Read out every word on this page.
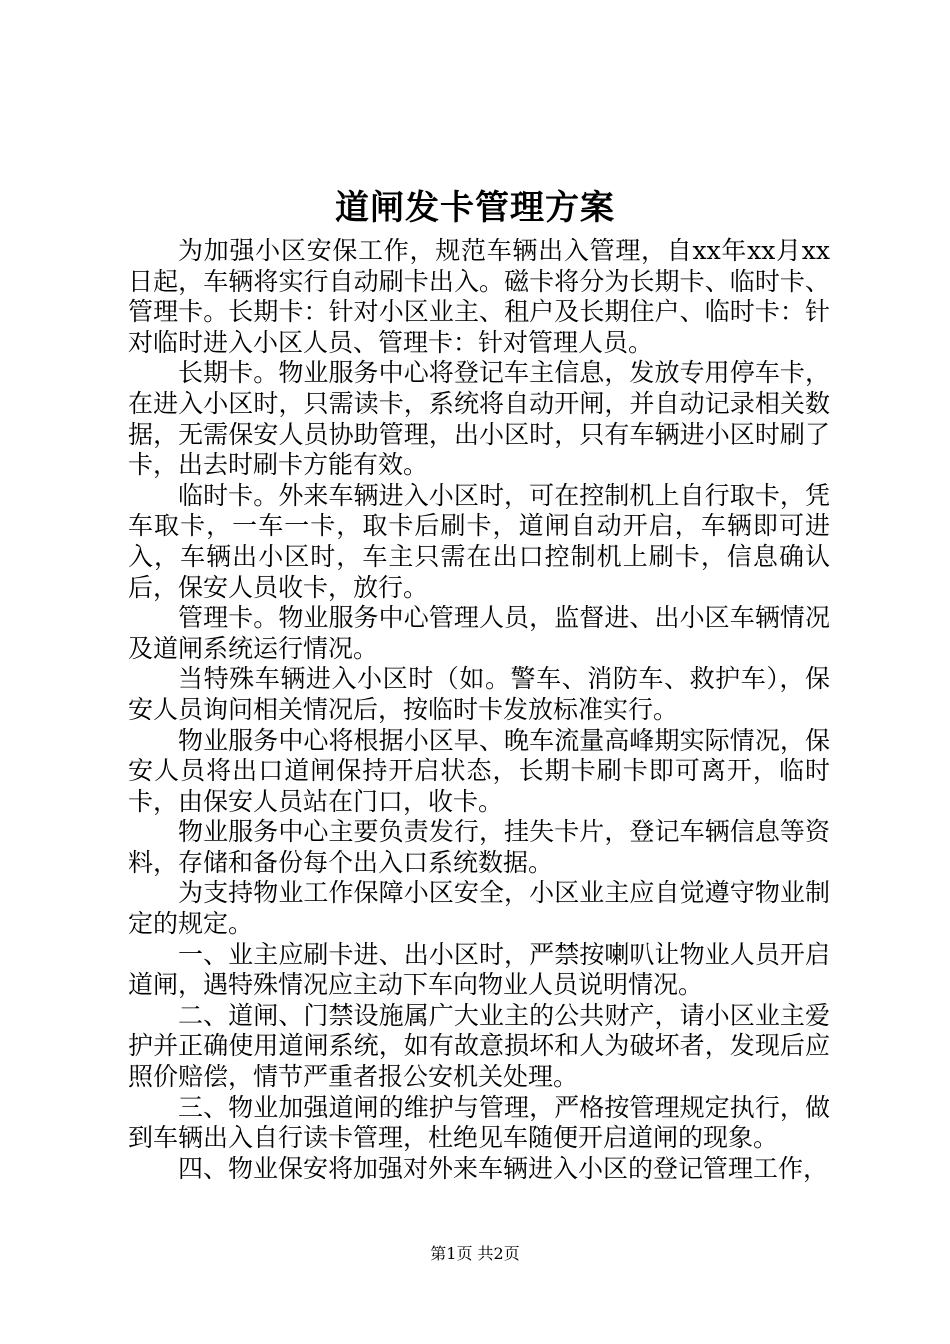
道闸发卡管理方案

为加强小区安保工作，规范车辆出入管理，自xx年xx月xx日起，车辆将实行自动刷卡出入。磁卡将分为长期卡、临时卡、管理卡。长期卡：针对小区业主、租户及长期住户、临时卡：针对临时进入小区人员、管理卡：针对管理人员。

长期卡。物业服务中心将登记车主信息，发放专用停车卡，在进入小区时，只需读卡，系统将自动开闸，并自动记录相关数据，无需保安人员协助管理，出小区时，只有车辆进小区时刷了卡，出去时刷卡方能有效。

临时卡。外来车辆进入小区时，可在控制机上自行取卡，凭车取卡，一车一卡，取卡后刷卡，道闸自动开启，车辆即可进入，车辆出小区时，车主只需在出口控制机上刷卡，信息确认后，保安人员收卡，放行。

管理卡。物业服务中心管理人员，监督进、出小区车辆情况及道闸系统运行情况。

当特殊车辆进入小区时（如。警车、消防车、救护车），保安人员询问相关情况后，按临时卡发放标准实行。

物业服务中心将根据小区早、晚车流量高峰期实际情况，保安人员将出口道闸保持开启状态，长期卡刷卡即可离开，临时卡，由保安人员站在门口，收卡。

物业服务中心主要负责发行，挂失卡片，登记车辆信息等资料，存储和备份每个出入口系统数据。

为支持物业工作保障小区安全，小区业主应自觉遵守物业制定的规定。

一、业主应刷卡进、出小区时，严禁按喇叭让物业人员开启道闸，遇特殊情况应主动下车向物业人员说明情况。

二、道闸、门禁设施属广大业主的公共财产，请小区业主爱护并正确使用道闸系统，如有故意损坏和人为破坏者，发现后应照价赔偿，情节严重者报公安机关处理。

三、物业加强道闸的维护与管理，严格按管理规定执行，做到车辆出入自行读卡管理，杜绝见车随便开启道闸的现象。

四、物业保安将加强对外来车辆进入小区的登记管理工作，

第1页 共2页
